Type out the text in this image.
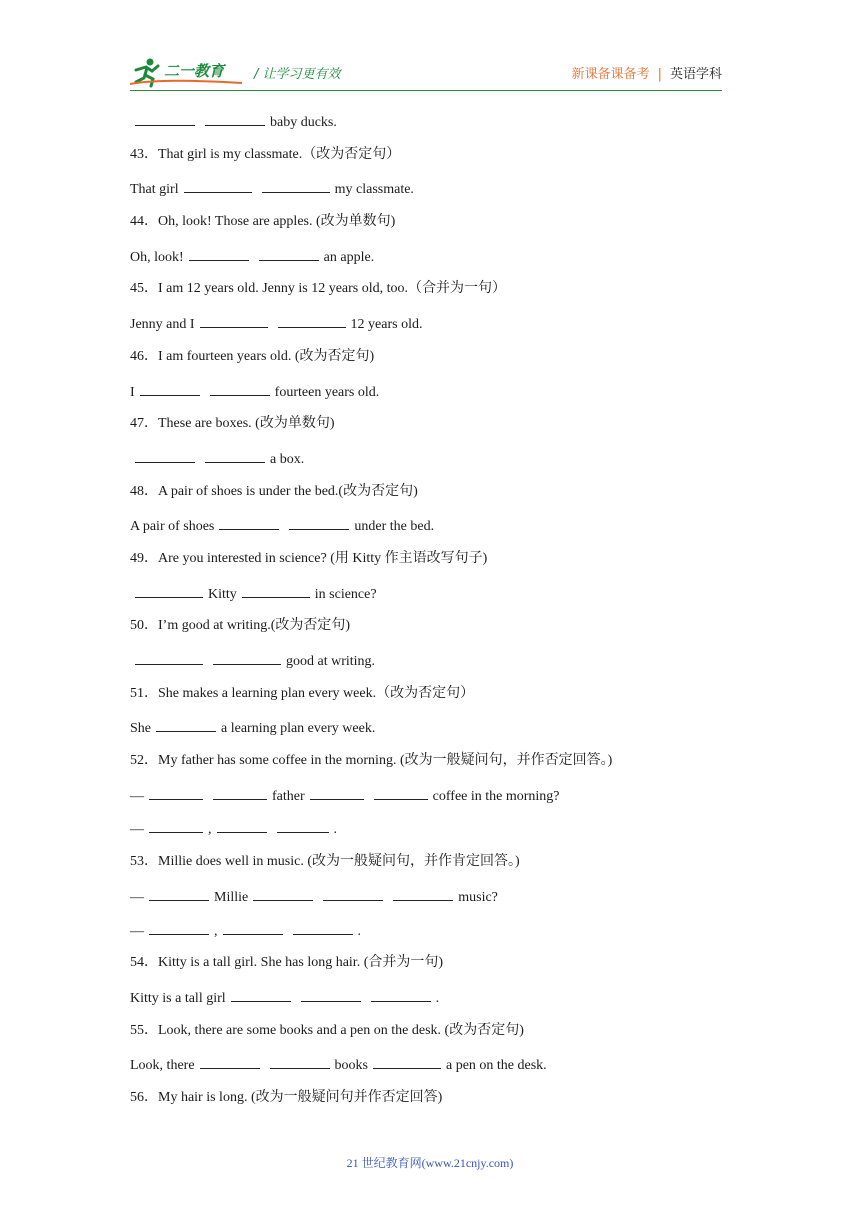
二一教育 / 让学习更有效	新课备课备考 | 英语学科
baby ducks.
43．That girl is my classmate.（改为否定句）
That girl	my classmate.
44．Oh, look! Those are apples. (改为单数句)
Oh, look!	an apple.
45．I am 12 years old. Jenny is 12 years old, too.（合并为一句）
Jenny and I	12 years old.
46．I am fourteen years old. (改为否定句)
I	fourteen years old.
47．These are boxes. (改为单数句)
a box.
48．A pair of shoes is under the bed.(改为否定句)
A pair of shoes	under the bed.
49．Are you interested in science? (用 Kitty 作主语改写句子)
Kitty	in science?
50．I’m good at writing.(改为否定句)
good at writing.
51．She makes a learning plan every week.（改为否定句）
She	a learning plan every week.
52．My father has some coffee in the morning. (改为一般疑问句，并作否定回答。)
—	father	coffee in the morning?
—	,	.
53．Millie does well in music. (改为一般疑问句，并作肯定回答。)
—	Millie	music?
—	,	.
54．Kitty is a tall girl. She has long hair. (合并为一句)
Kitty is a tall girl	.
55．Look, there are some books and a pen on the desk. (改为否定句)
Look, there	books	a pen on the desk.
56．My hair is long. (改为一般疑问句并作否定回答)
21 世纪教育网(www.21cnjy.com)
